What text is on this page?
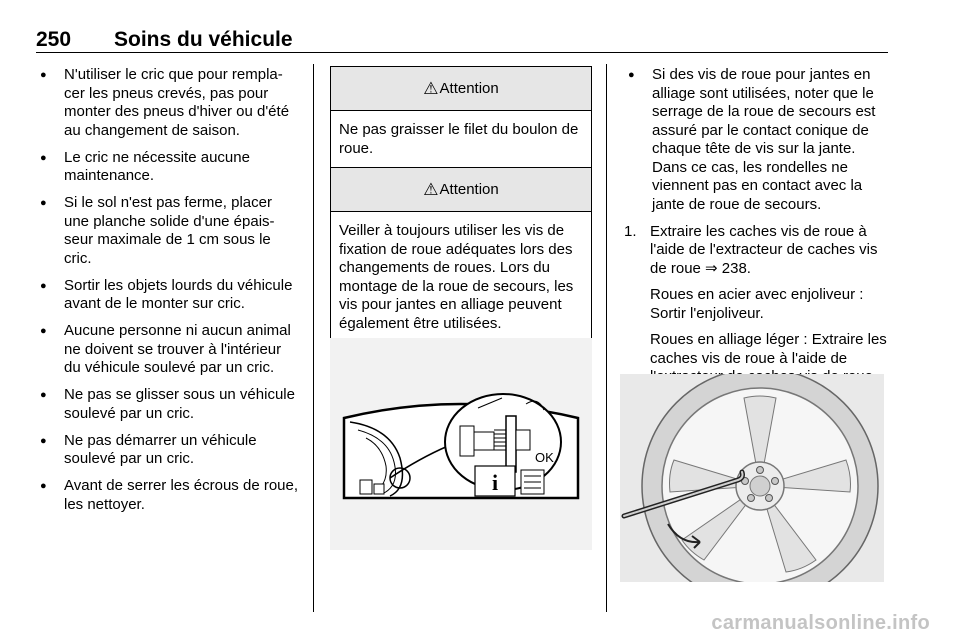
250 Soins du véhicule
● N'utiliser le cric que pour rempla-cer les pneus crevés, pas pour monter des pneus d'hiver ou d'été au changement de saison.
● Le cric ne nécessite aucune maintenance.
● Si le sol n'est pas ferme, placer une planche solide d'une épais-seur maximale de 1 cm sous le cric.
● Sortir les objets lourds du véhicule avant de le monter sur cric.
● Aucune personne ni aucun animal ne doivent se trouver à l'intérieur du véhicule soulevé par un cric.
● Ne pas se glisser sous un véhicule soulevé par un cric.
● Ne pas démarrer un véhicule soulevé par un cric.
● Avant de serrer les écrous de roue, les nettoyer.
⚠Attention
Ne pas graisser le filet du boulon de roue.
⚠Attention
Veiller à toujours utiliser les vis de fixation de roue adéquates lors des changements de roues. Lors du montage de la roue de secours, les vis pour jantes en alliage peuvent également être utilisées.
i
OK
● Si des vis de roue pour jantes en alliage sont utilisées, noter que le serrage de la roue de secours est assuré par le contact conique de chaque tête de vis sur la jante. Dans ce cas, les rondelles ne viennent pas en contact avec la jante de roue de secours.
1. Extraire les caches vis de roue à l'aide de l'extracteur de caches vis de roue ⇒ 238.

Roues en acier avec enjoliveur : Sortir l'enjoliveur.

Roues en alliage léger : Extraire les caches vis de roue à l'aide de

carmanualsonline.info
